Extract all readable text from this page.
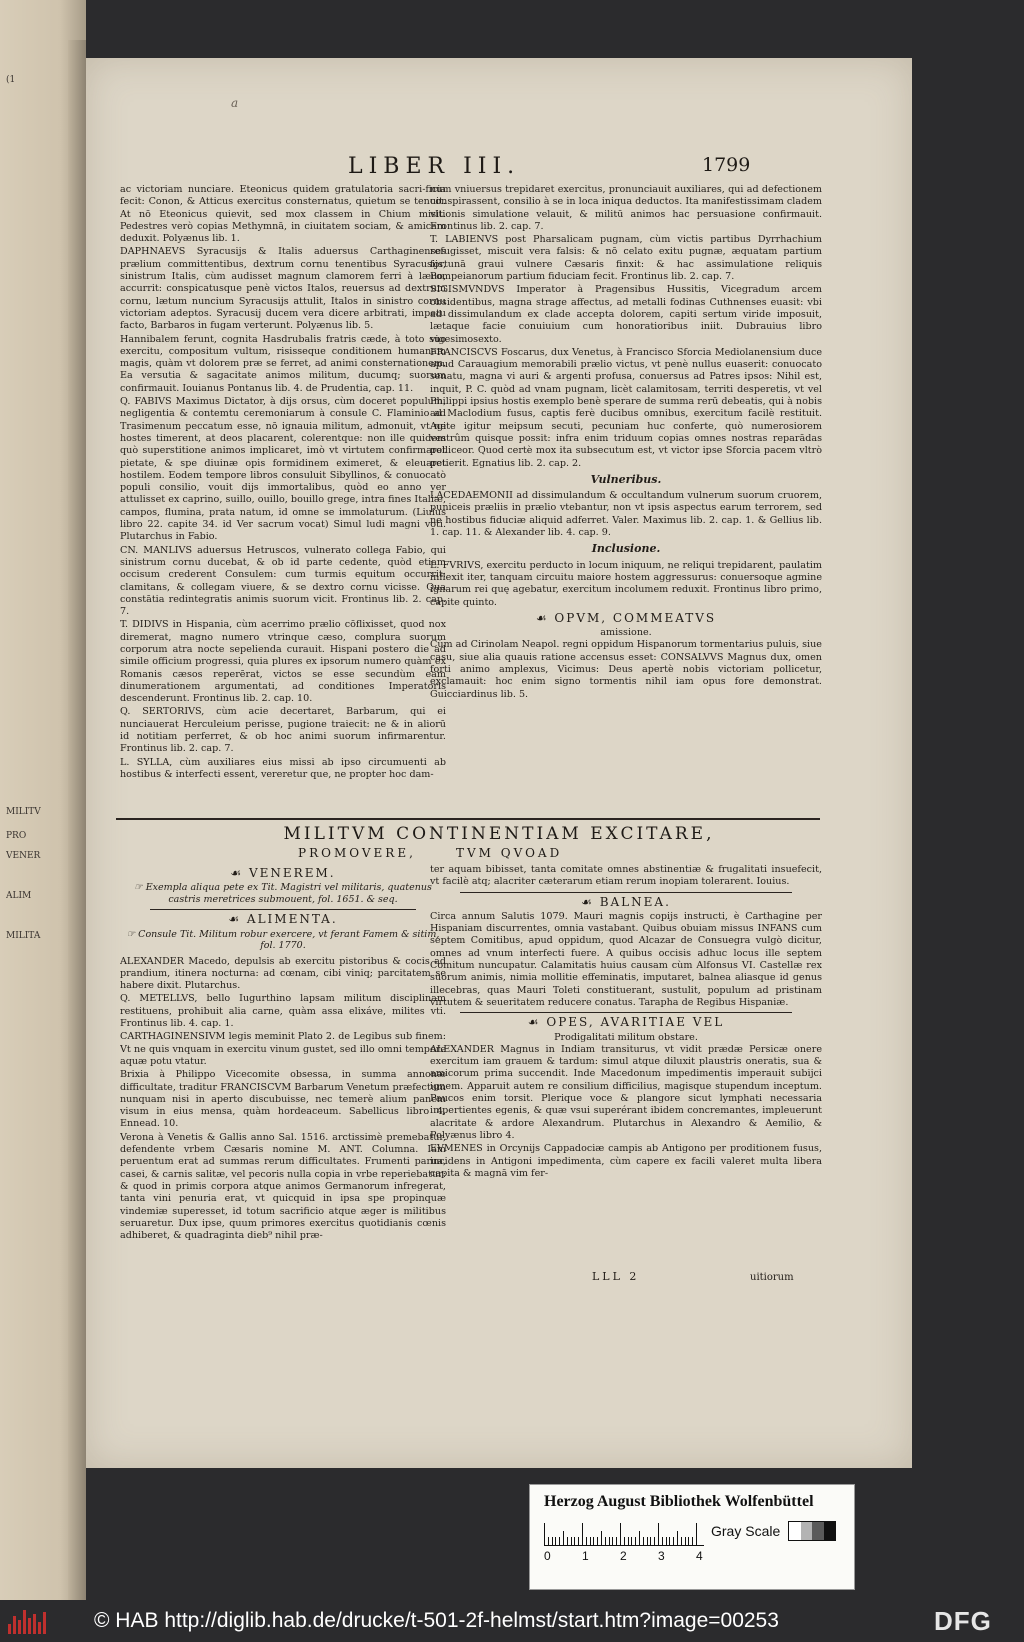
(1
MILITV
PRO
VENER
ALIM
MILITA
a
LIBER III.	1799

ac victoriam nunciare. Eteonicus quidem gratulatoria sacri-ficia fecit: Conon, & Atticus exercitus consternatus, quietum se tenuit. At nō Eteonicus quievit, sed mox classem in Chium misit. Pedestres verò copias Methymnā, in ciuitatem sociam, & amicam deduxit. Polyænus lib. 1.

DAPHNAEVS Syracusijs & Italis aduersus Carthaginenses prælium committentibus, dextrum cornu tenentibus Syracusijs, sinistrum Italis, cùm audisset magnum clamorem ferri à læuo, accurrit: conspicatusque penè victos Italos, reuersus ad dextrum cornu, lætum nuncium Syracusijs attulit, Italos in sinistro cornu victoriam adeptos. Syracusij ducem vera dicere arbitrati, impetu facto, Barbaros in fugam verterunt. Polyænus lib. 5.

Hannibalem ferunt, cognita Hasdrubalis fratris cæde, à toto suo exercitu, compositum vultum, risisseque conditionem humanam magis, quàm vt dolorem præ se ferret, ad animi consternationem. Ea versutia & sagacitate animos militum, ducumq; suorum confirmauit. Iouianus Pontanus lib. 4. de Prudentia, cap. 11.

Q. FABIVS Maximus Dictator, à dijs orsus, cùm doceret populum, negligentia & contemtu ceremoniarum à consule C. Flaminio ad Trasimenum peccatum esse, nō ignauia militum, admonuit, vt ne hostes timerent, at deos placarent, colerentque: non ille quidem quò superstitione animos implicaret, imò vt virtutem confirmaret pietate, & spe diuinæ opis formidinem eximeret, & eleuaret hostilem. Eodem tempore libros consuluit Sibyllinos, & conuocatò populi consilio, vouit dijs immortalibus, quòd eo anno ver attulisset ex caprino, suillo, ouillo, bouillo grege, intra fines Italiæ, campos, flumina, prata natum, id omne se immolaturum. (Liuius libro 22. capite 34. id Ver sacrum vocat) Simul ludi magni voti. Plutarchus in Fabio.

CN. MANLIVS aduersus Hetruscos, vulnerato collega Fabio, qui sinistrum cornu ducebat, & ob id parte cedente, quòd etiam occisum crederent Consulem: cum turmis equitum occurrit: clamitans, & collegam viuere, & se dextro cornu vicisse. Qua constātia redintegratis animis suorum vicit. Frontinus lib. 2. cap. 7.

T. DIDIVS in Hispania, cùm acerrimo prælio cōflixisset, quod nox diremerat, magno numero vtrinque cæso, complura suorum corporum atra nocte sepelienda curauit. Hispani postero die ad simile officium progressi, quia plures ex ipsorum numero quàm ex Romanis cæsos reperērat, victos se esse secundùm eam dinumerationem argumentati, ad conditiones Imperatoris descenderunt. Frontinus lib. 2. cap. 10.

Q. SERTORIVS, cùm acie decertaret, Barbarum, qui ei nunciauerat Herculeium perisse, pugione traiecit: ne & in aliorū id notitiam perferret, & ob hoc animi suorum infirmarentur. Frontinus lib. 2. cap. 7.

L. SYLLA, cùm auxiliares eius missi ab ipso circumuenti ab hostibus & interfecti essent, vereretur que, ne propter hoc dam-

num vniuersus trepidaret exercitus, pronunciauit auxiliares, qui ad defectionem conspirassent, consilio à se in loca iniqua deductos. Ita manifestissimam cladem vltionis simulatione velauit, & militū animos hac persuasione confirmauit. Frontinus lib. 2. cap. 7.

T. LABIENVS post Pharsalicam pugnam, cùm victis partibus Dyrrhachium refugisset, miscuit vera falsis: & nō celato exitu pugnæ, æquatam partium fortunā graui vulnere Cæsaris finxit: & hac assimulatione reliquis Pompeianorum partium fiduciam fecit. Frontinus lib. 2. cap. 7.

SIGISMVNDVS Imperator à Pragensibus Hussitis, Vicegradum arcem obsidentibus, magna strage affectus, ad metalli fodinas Cuthnenses euasit: vbi ad dissimulandum ex clade accepta dolorem, capiti sertum viride imposuit, lætaque facie conuiuium cum honoratioribus iniit. Dubrauius libro vigesimosexto.

FRANCISCVS Foscarus, dux Venetus, à Francisco Sforcia Mediolanensium duce apud Carauagium memorabili prælio victus, vt penè nullus euaserit: conuocato senatu, magna vi auri & argenti profusa, conuersus ad Patres ipsos: Nihil est, inquit, P. C. quòd ad vnam pugnam, licèt calamitosam, territi desperetis, vt vel Philippi ipsius hostis exemplo benè sperare de summa rerū debeatis, qui à nobis ad Maclodium fusus, captis ferè ducibus omnibus, exercitum facilè restituit. Agite igitur meipsum secuti, pecuniam huc conferte, quò numerosiorem vestrûm quisque possit: infra enim triduum copias omnes nostras reparādas polliceor. Quod certè mox ita subsecutum est, vt victor ipse Sforcia pacem vltrò petierit. Egnatius lib. 2. cap. 2.

Vulneribus.

LACEDAEMONII ad dissimulandum & occultandum vulnerum suorum cruorem, puniceis præliis in prælio vtebantur, non vt ipsis aspectus earum terrorem, sed ne hostibus fiduciæ aliquid adferret. Valer. Maximus lib. 2. cap. 1. & Gellius lib. 1. cap. 11. & Alexander lib. 4. cap. 9.

Inclusione.

L. FVRIVS, exercitu perducto in locum iniquum, ne reliqui trepidarent, paulatim inflexit iter, tanquam circuitu maiore hostem aggressurus: conuersoque agmine ignarum rei quę agebatur, exercitum incolumem reduxit. Frontinus libro primo, capite quinto.

☙ OPVM, COMMEATVS
amissione.

Cùm ad Cirinolam Neapol. regni oppidum Hispanorum tormentarius puluis, siue casu, siue alia quauis ratione accensus esset: CONSALVVS Magnus dux, omen forti animo amplexus, Vicimus: Deus apertè nobis victoriam pollicetur, exclamauit: hoc enim signo tormentis nihil iam opus fore demonstrat. Guicciardinus lib. 5.

MILITVM CONTINENTIAM EXCITARE,
PROMOVERE,	TVM QVOAD
☙ VENEREM.
☞ Exempla aliqua pete ex Tit. Magistri vel militaris, quatenus castris meretrices submouent, fol. 1651. & seq.
☙ ALIMENTA.
☞ Consule Tit. Militum robur exercere, vt ferant Famem & sitim, fol. 1770.

ALEXANDER Macedo, depulsis ab exercitu pistoribus & cocis ad prandium, itinera nocturna: ad cœnam, cibi viniq; parcitatem se habere dixit. Plutarchus.

Q. METELLVS, bello Iugurthino lapsam militum disciplinam restituens, prohibuit alia carne, quàm assa elixáve, milites vti. Frontinus lib. 4. cap. 1.

CARTHAGINENSIVM legis meminit Plato 2. de Legibus sub finem: Vt ne quis vnquam in exercitu vinum gustet, sed illo omni tempore aquæ potu vtatur.

Brixia à Philippo Vicecomite obsessa, in summa annonæ difficultate, traditur FRANCISCVM Barbarum Venetum præfectum nunquam nisi in aperto discubuisse, nec temerè alium panem visum in eius mensa, quàm hordeaceum. Sabellicus libro 4. Ennead. 10.

Verona à Venetis & Gallis anno Sal. 1516. arctissimè premebatur, defendente vrbem Cæsaris nomine M. ANT. Columna. Iam peruentum erat ad summas rerum difficultates. Frumenti parua, casei, & carnis salitæ, vel pecoris nulla copia in vrbe reperiebatur: & quod in primis corpora atque animos Germanorum infregerat, tanta vini penuria erat, vt quicquid in ipsa spe propinquæ vindemiæ superesset, id totum sacrificio atque æger is militibus seruaretur. Dux ipse, quum primores exercitus quotidianis cœnis adhiberet, & quadraginta dieb⁹ nihil præ-

ter aquam bibisset, tanta comitate omnes abstinentiæ & frugalitati insuefecit, vt facilè atq; alacriter cæterarum etiam rerum inopiam tolerarent. Iouius.

☙ BALNEA.

Circa annum Salutis 1079. Mauri magnis copijs instructi, è Carthagine per Hispaniam discurrentes, omnia vastabant. Quibus obuiam missus INFANS cum septem Comitibus, apud oppidum, quod Alcazar de Consuegra vulgò dicitur, omnes ad vnum interfecti fuere. A quibus occisis adhuc locus ille septem Comitum nuncupatur. Calamitatis huius causam cùm Alfonsus VI. Castellæ rex suorum animis, nimia mollitie effeminatis, imputaret, balnea aliasque id genus illecebras, quas Mauri Toleti constituerant, sustulit, populum ad pristinam virtutem & seueritatem reducere conatus. Tarapha de Regibus Hispaniæ.

☙ OPES, AVARITIAE VEL
Prodigalitati militum obstare.

ALEXANDER Magnus in Indiam transiturus, vt vidit prædæ Persicæ onere exercitum iam grauem & tardum: simul atque diluxit plaustris oneratis, sua & amicorum prima succendit. Inde Macedonum impedimentis imperauit subijci ignem. Apparuit autem re consilium difficilius, magisque stupendum inceptum. Paucos enim torsit. Plerique voce & plangore sicut lymphati necessaria impertientes egenis, & quæ vsui superérant ibidem concremantes, impleuerunt alacritate & ardore Alexandrum. Plutarchus in Alexandro & Aemilio, & Polyænus libro 4.

EVMENES in Orcynijs Cappadociæ campis ab Antigono per proditionem fusus, incidens in Antigoni impedimenta, cùm capere ex facili valeret multa libera capita & magnā vim fer-

LLL 2	uitiorum
Herzog August Bibliothek Wolfenbüttel
0	1	2	3	4
Gray Scale
© HAB http://diglib.hab.de/drucke/t-501-2f-helmst/start.htm?image=00253	DFG
